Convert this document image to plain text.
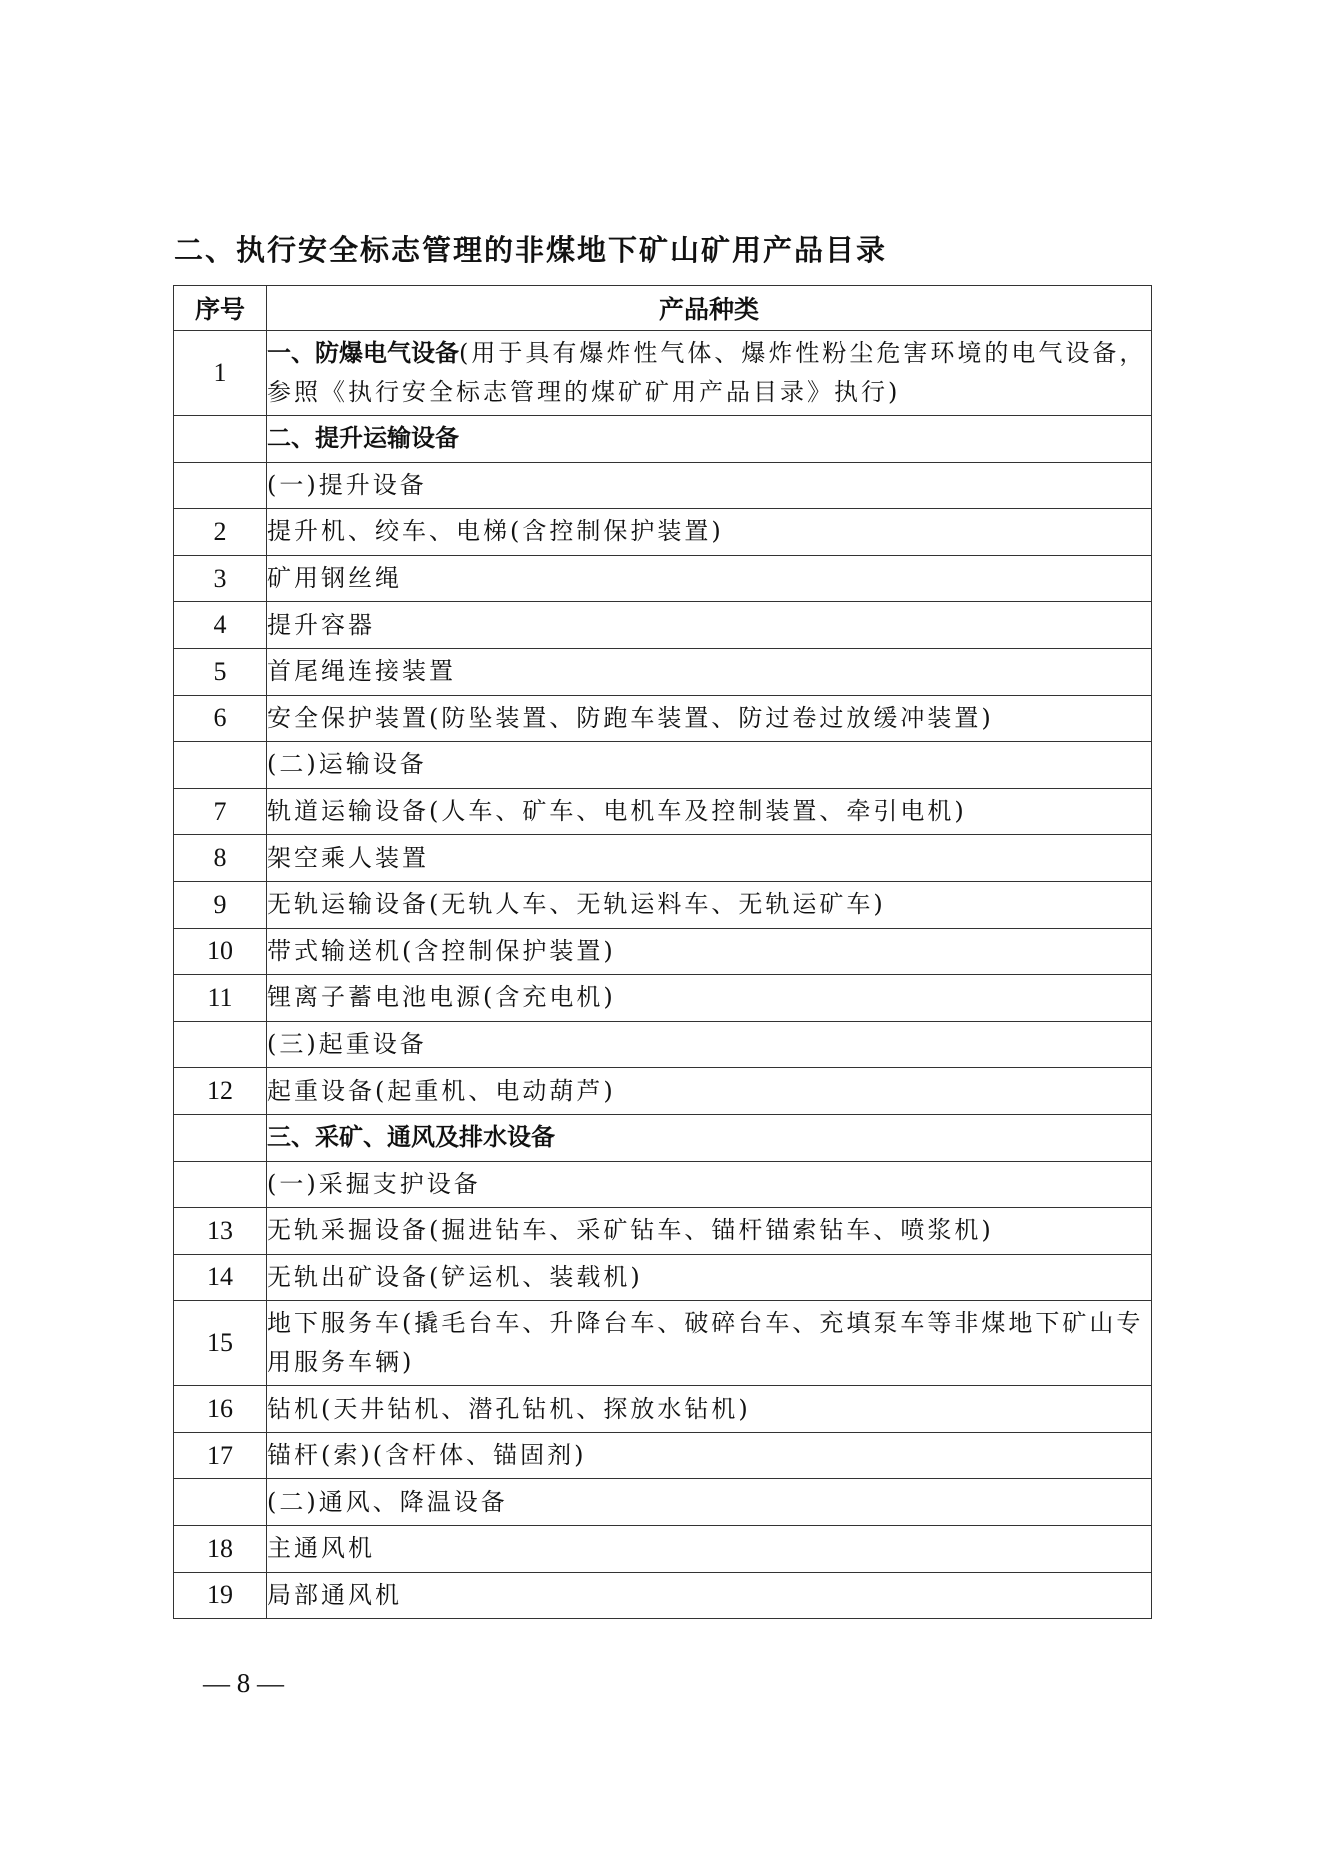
二、执行安全标志管理的非煤地下矿山矿用产品目录
序号	产品种类
1	一、防爆电气设备(用于具有爆炸性气体、爆炸性粉尘危害环境的电气设备，参照《执行安全标志管理的煤矿矿用产品目录》执行)
	二、提升运输设备
	(一)提升设备
2	提升机、绞车、电梯(含控制保护装置)
3	矿用钢丝绳
4	提升容器
5	首尾绳连接装置
6	安全保护装置(防坠装置、防跑车装置、防过卷过放缓冲装置)
	(二)运输设备
7	轨道运输设备(人车、矿车、电机车及控制装置、牵引电机)
8	架空乘人装置
9	无轨运输设备(无轨人车、无轨运料车、无轨运矿车)
10	带式输送机(含控制保护装置)
11	锂离子蓄电池电源(含充电机)
	(三)起重设备
12	起重设备(起重机、电动葫芦)
	三、采矿、通风及排水设备
	(一)采掘支护设备
13	无轨采掘设备(掘进钻车、采矿钻车、锚杆锚索钻车、喷浆机)
14	无轨出矿设备(铲运机、装载机)
15	地下服务车(撬毛台车、升降台车、破碎台车、充填泵车等非煤地下矿山专用服务车辆)
16	钻机(天井钻机、潜孔钻机、探放水钻机)
17	锚杆(索)(含杆体、锚固剂)
	(二)通风、降温设备
18	主通风机
19	局部通风机
— 8 —
